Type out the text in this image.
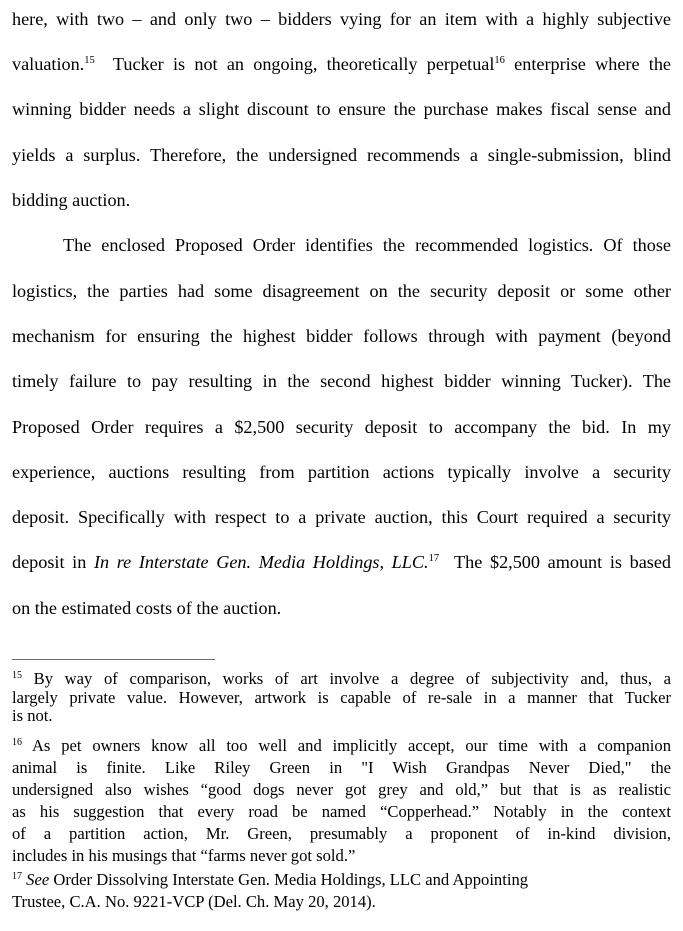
here, with two – and only two – bidders vying for an item with a highly subjective
valuation.$^{15}$  Tucker is not an ongoing, theoretically perpetual$^{16}$ enterprise where the
winning bidder needs a slight discount to ensure the purchase makes fiscal sense and
yields a surplus. Therefore, the undersigned recommends a single-submission, blind
bidding auction.
The enclosed Proposed Order identifies the recommended logistics. Of those
logistics, the parties had some disagreement on the security deposit or some other
mechanism for ensuring the highest bidder follows through with payment (beyond
timely failure to pay resulting in the second highest bidder winning Tucker). The
Proposed Order requires a $2,500 security deposit to accompany the bid. In my
experience, auctions resulting from partition actions typically involve a security
deposit. Specifically with respect to a private auction, this Court required a security
deposit in In re Interstate Gen. Media Holdings, LLC.$^{17}$  The $2,500 amount is based
on the estimated costs of the auction.
$^{15}$ By way of comparison, works of art involve a degree of subjectivity and, thus, a
largely private value. However, artwork is capable of re-sale in a manner that Tucker
is not.
$^{16}$ As pet owners know all too well and implicitly accept, our time with a companion
animal is finite. Like Riley Green in "I Wish Grandpas Never Died," the
undersigned also wishes “good dogs never got grey and old,” but that is as realistic
as his suggestion that every road be named “Copperhead.” Notably in the context
of a partition action, Mr. Green, presumably a proponent of in-kind division,
includes in his musings that “farms never got sold.”
$^{17}$ See Order Dissolving Interstate Gen. Media Holdings, LLC and Appointing
Trustee, C.A. No. 9221-VCP (Del. Ch. May 20, 2014).
